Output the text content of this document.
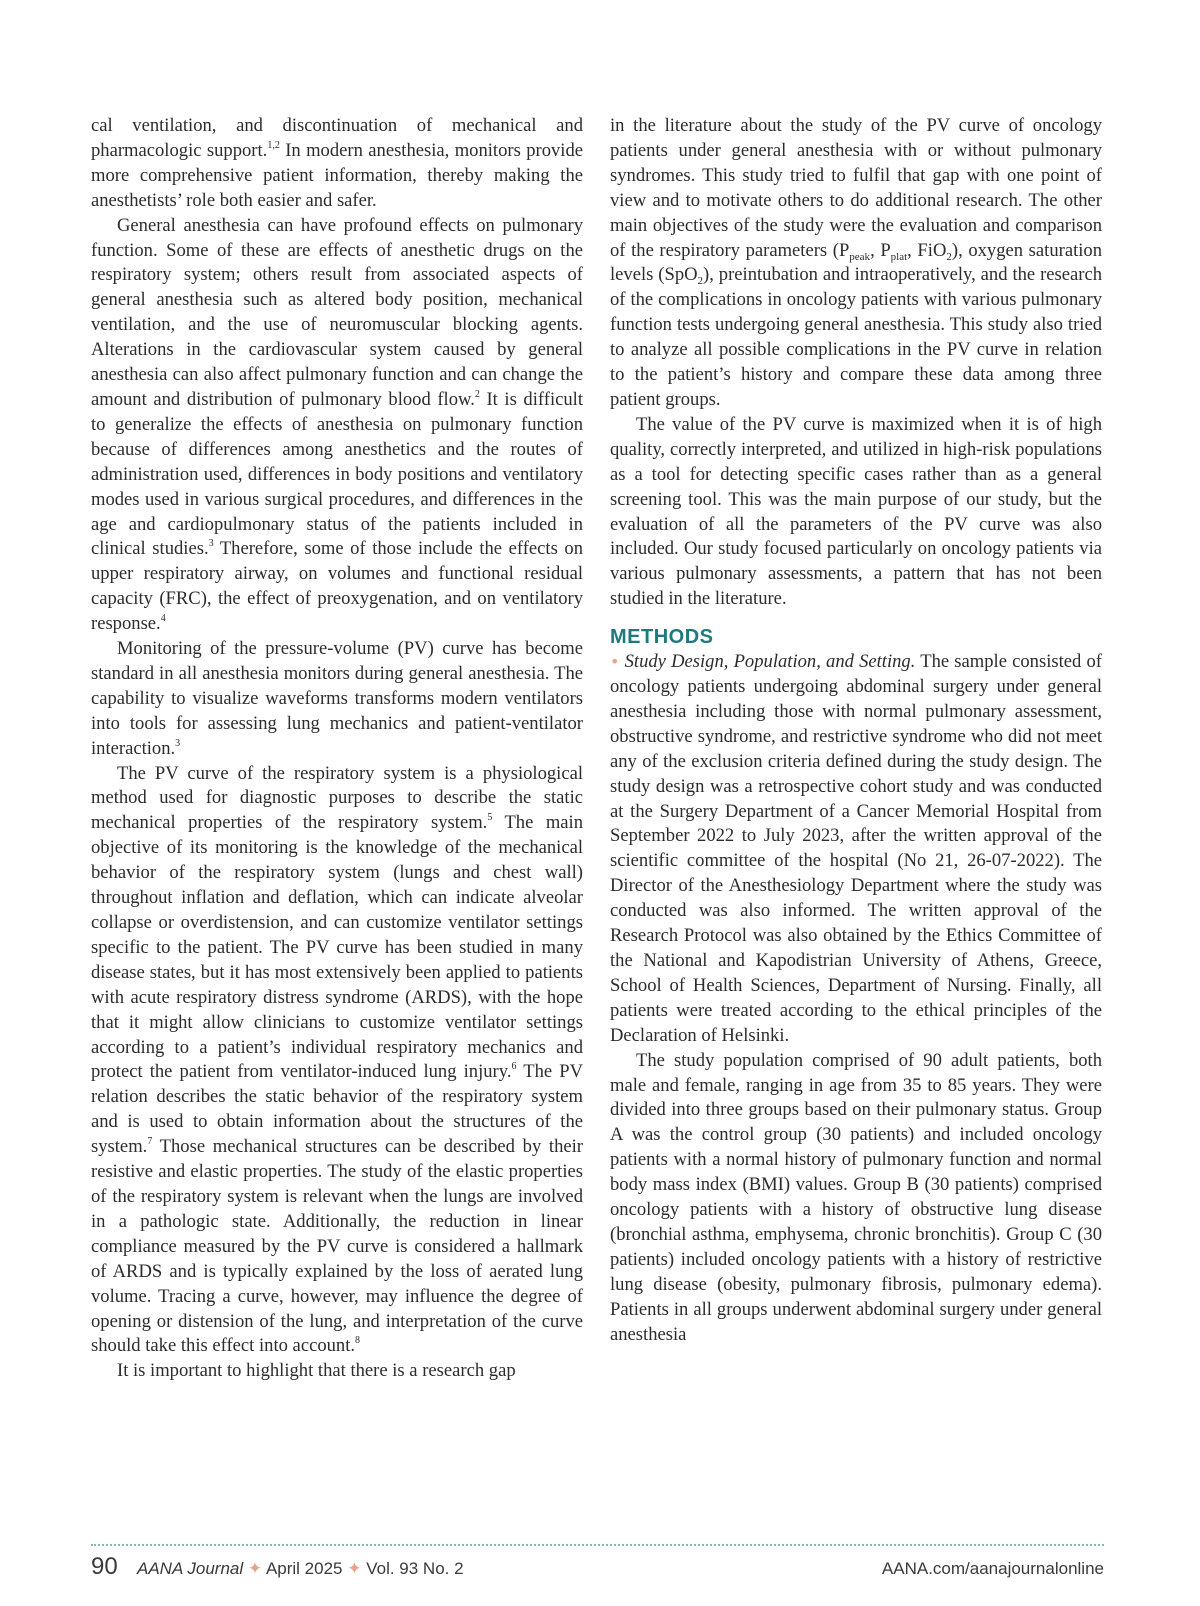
cal ventilation, and discontinuation of mechanical and pharmacologic support.$^{1,2}$ In modern anesthesia, monitors provide more comprehensive patient information, thereby making the anesthetists’ role both easier and safer.

General anesthesia can have profound effects on pulmonary function. Some of these are effects of anesthetic drugs on the respiratory system; others result from associated aspects of general anesthesia such as altered body position, mechanical ventilation, and the use of neuromuscular blocking agents. Alterations in the cardiovascular system caused by general anesthesia can also affect pulmonary function and can change the amount and distribution of pulmonary blood flow.$^2$ It is difficult to generalize the effects of anesthesia on pulmonary function because of differences among anesthetics and the routes of administration used, differences in body positions and ventilatory modes used in various surgical procedures, and differences in the age and cardiopulmonary status of the patients included in clinical studies.$^3$ Therefore, some of those include the effects on upper respiratory airway, on volumes and functional residual capacity (FRC), the effect of preoxygenation, and on ventilatory response.$^4$

Monitoring of the pressure-volume (PV) curve has become standard in all anesthesia monitors during general anesthesia. The capability to visualize waveforms transforms modern ventilators into tools for assessing lung mechanics and patient-ventilator interaction.$^3$

The PV curve of the respiratory system is a physiological method used for diagnostic purposes to describe the static mechanical properties of the respiratory system.$^5$ The main objective of its monitoring is the knowledge of the mechanical behavior of the respiratory system (lungs and chest wall) throughout inflation and deflation, which can indicate alveolar collapse or overdistension, and can customize ventilator settings specific to the patient. The PV curve has been studied in many disease states, but it has most extensively been applied to patients with acute respiratory distress syndrome (ARDS), with the hope that it might allow clinicians to customize ventilator settings according to a patient’s individual respiratory mechanics and protect the patient from ventilator-induced lung injury.$^6$ The PV relation describes the static behavior of the respiratory system and is used to obtain information about the structures of the system.$^7$ Those mechanical structures can be described by their resistive and elastic properties. The study of the elastic properties of the respiratory system is relevant when the lungs are involved in a pathologic state. Additionally, the reduction in linear compliance measured by the PV curve is considered a hallmark of ARDS and is typically explained by the loss of aerated lung volume. Tracing a curve, however, may influence the degree of opening or distension of the lung, and interpretation of the curve should take this effect into account.$^8$

It is important to highlight that there is a research gap

in the literature about the study of the PV curve of oncology patients under general anesthesia with or without pulmonary syndromes. This study tried to fulfil that gap with one point of view and to motivate others to do additional research. The other main objectives of the study were the evaluation and comparison of the respiratory parameters ($P_{peak}$, $P_{plat}$, FiO$_2$), oxygen saturation levels (SpO$_2$), preintubation and intraoperatively, and the research of the complications in oncology patients with various pulmonary function tests undergoing general anesthesia. This study also tried to analyze all possible complications in the PV curve in relation to the patient’s history and compare these data among three patient groups.

The value of the PV curve is maximized when it is of high quality, correctly interpreted, and utilized in high-risk populations as a tool for detecting specific cases rather than as a general screening tool. This was the main purpose of our study, but the evaluation of all the parameters of the PV curve was also included. Our study focused particularly on oncology patients via various pulmonary assessments, a pattern that has not been studied in the literature.

METHODS

• Study Design, Population, and Setting. The sample consisted of oncology patients undergoing abdominal surgery under general anesthesia including those with normal pulmonary assessment, obstructive syndrome, and restrictive syndrome who did not meet any of the exclusion criteria defined during the study design. The study design was a retrospective cohort study and was conducted at the Surgery Department of a Cancer Memorial Hospital from September 2022 to July 2023, after the written approval of the scientific committee of the hospital (No 21, 26-07-2022). The Director of the Anesthesiology Department where the study was conducted was also informed. The written approval of the Research Protocol was also obtained by the Ethics Committee of the National and Kapodistrian University of Athens, Greece, School of Health Sciences, Department of Nursing. Finally, all patients were treated according to the ethical principles of the Declaration of Helsinki.

The study population comprised of 90 adult patients, both male and female, ranging in age from 35 to 85 years. They were divided into three groups based on their pulmonary status. Group A was the control group (30 patients) and included oncology patients with a normal history of pulmonary function and normal body mass index (BMI) values. Group B (30 patients) comprised oncology patients with a history of obstructive lung disease (bronchial asthma, emphysema, chronic bronchitis). Group C (30 patients) included oncology patients with a history of restrictive lung disease (obesity, pulmonary fibrosis, pulmonary edema). Patients in all groups underwent abdominal surgery under general anesthesia

90 AANA Journal ✦ April 2025 ✦ Vol. 93 No. 2	AANA.com/aanajournalonline
